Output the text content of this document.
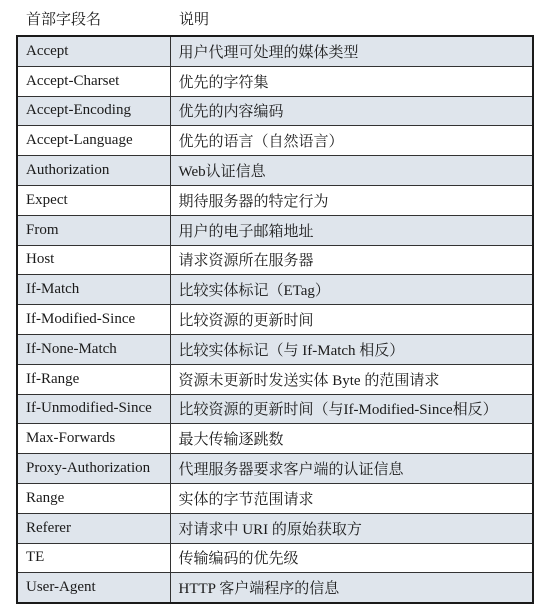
首部字段名	说明
Accept	用户代理可处理的媒体类型
Accept-Charset	优先的字符集
Accept-Encoding	优先的内容编码
Accept-Language	优先的语言（自然语言）
Authorization	Web认证信息
Expect	期待服务器的特定行为
From	用户的电子邮箱地址
Host	请求资源所在服务器
If-Match	比较实体标记（ETag）
If-Modified-Since	比较资源的更新时间
If-None-Match	比较实体标记（与 If-Match 相反）
If-Range	资源未更新时发送实体 Byte 的范围请求
If-Unmodified-Since	比较资源的更新时间（与If-Modified-Since相反）
Max-Forwards	最大传输逐跳数
Proxy-Authorization	代理服务器要求客户端的认证信息
Range	实体的字节范围请求
Referer	对请求中 URI 的原始获取方
TE	传输编码的优先级
User-Agent	HTTP 客户端程序的信息
